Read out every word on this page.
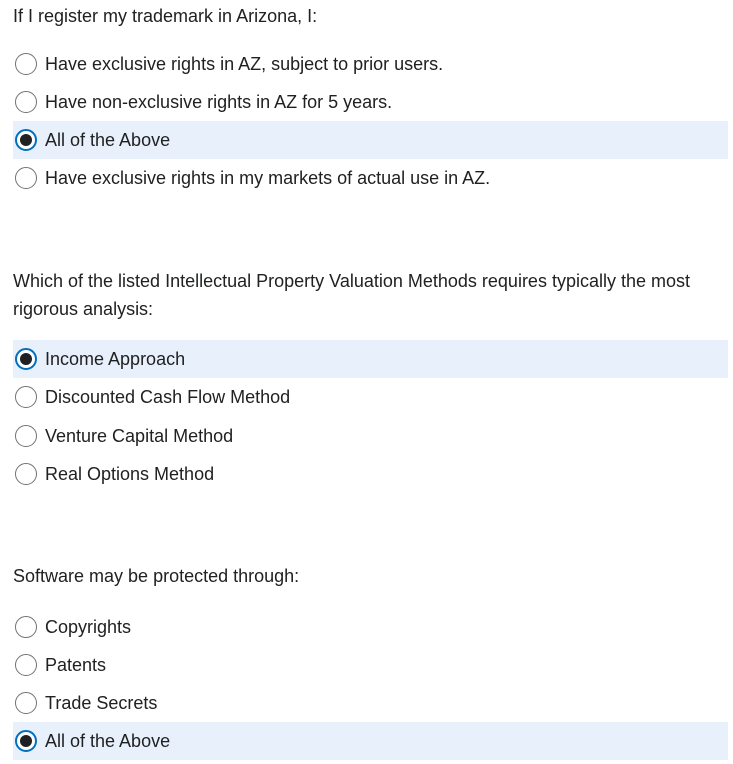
If I register my trademark in Arizona, I:

Have exclusive rights in AZ, subject to prior users.
Have non-exclusive rights in AZ for 5 years.
All of the Above
Have exclusive rights in my markets of actual use in AZ.

Which of the listed Intellectual Property Valuation Methods requires typically the most rigorous analysis:

Income Approach
Discounted Cash Flow Method
Venture Capital Method
Real Options Method

Software may be protected through:

Copyrights
Patents
Trade Secrets
All of the Above
